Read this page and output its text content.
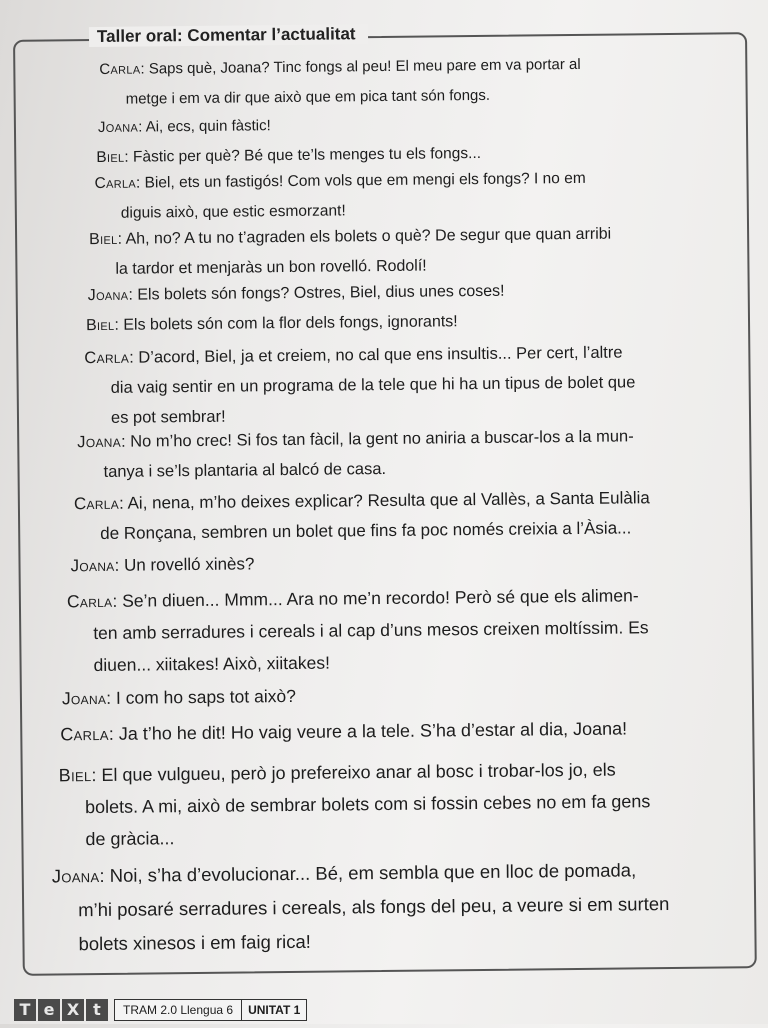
Taller oral: Comentar l’actualitat
Carla: Saps què, Joana? Tinc fongs al peu! El meu pare em va portar al
metge i em va dir que això que em pica tant són fongs.
Joana: Ai, ecs, quin fàstic!
Biel: Fàstic per què? Bé que te’ls menges tu els fongs...
Carla: Biel, ets un fastigós! Com vols que em mengi els fongs? I no em
diguis això, que estic esmorzant!
Biel: Ah, no? A tu no t’agraden els bolets o què? De segur que quan arribi
la tardor et menjaràs un bon rovelló. Rodolí!
Joana: Els bolets són fongs? Ostres, Biel, dius unes coses!
Biel: Els bolets són com la flor dels fongs, ignorants!
Carla: D’acord, Biel, ja et creiem, no cal que ens insultis... Per cert, l’altre
dia vaig sentir en un programa de la tele que hi ha un tipus de bolet que
es pot sembrar!
Joana: No m’ho crec! Si fos tan fàcil, la gent no aniria a buscar-los a la mun-
tanya i se’ls plantaria al balcó de casa.
Carla: Ai, nena, m’ho deixes explicar? Resulta que al Vallès, a Santa Eulàlia
de Ronçana, sembren un bolet que fins fa poc només creixia a l’Àsia...
Joana: Un rovelló xinès?
Carla: Se’n diuen... Mmm... Ara no me’n recordo! Però sé que els alimen-
ten amb serradures i cereals i al cap d’uns mesos creixen moltíssim. Es
diuen... xiitakes! Això, xiitakes!
Joana: I com ho saps tot això?
Carla: Ja t’ho he dit! Ho vaig veure a la tele. S’ha d’estar al dia, Joana!
Biel: El que vulgueu, però jo prefereixo anar al bosc i trobar-los jo, els
bolets. A mi, això de sembrar bolets com si fossin cebes no em fa gens
de gràcia...
Joana: Noi, s’ha d’evolucionar... Bé, em sembla que en lloc de pomada,
m’hi posaré serradures i cereals, als fongs del peu, a veure si em surten
bolets xinesos i em faig rica!
T e X t	TRAM 2.0 Llengua 6	UNITAT 1
